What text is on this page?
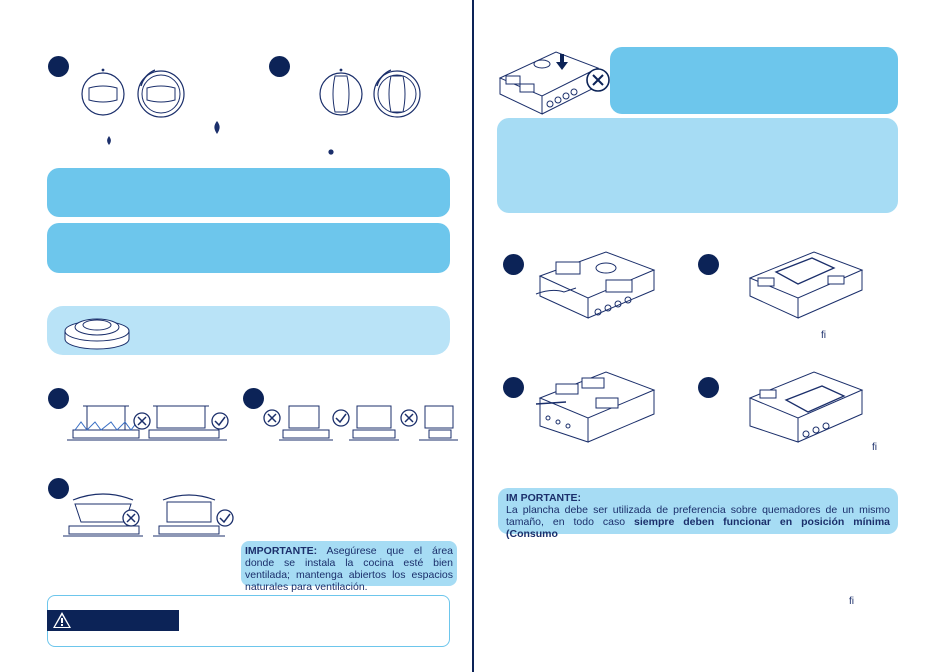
IMPORTANTE: Asegúrese que el área donde se instala la cocina esté bien ventilada; mantenga abiertos los espacios naturales para ventilación.
ﬁ
ﬁ
IM PORTANTE:
La plancha debe ser utilizada de preferencia sobre quemadores de un mismo tamaño, en todo caso siempre deben funcionar en posición mínima (Consumo
ﬁ
